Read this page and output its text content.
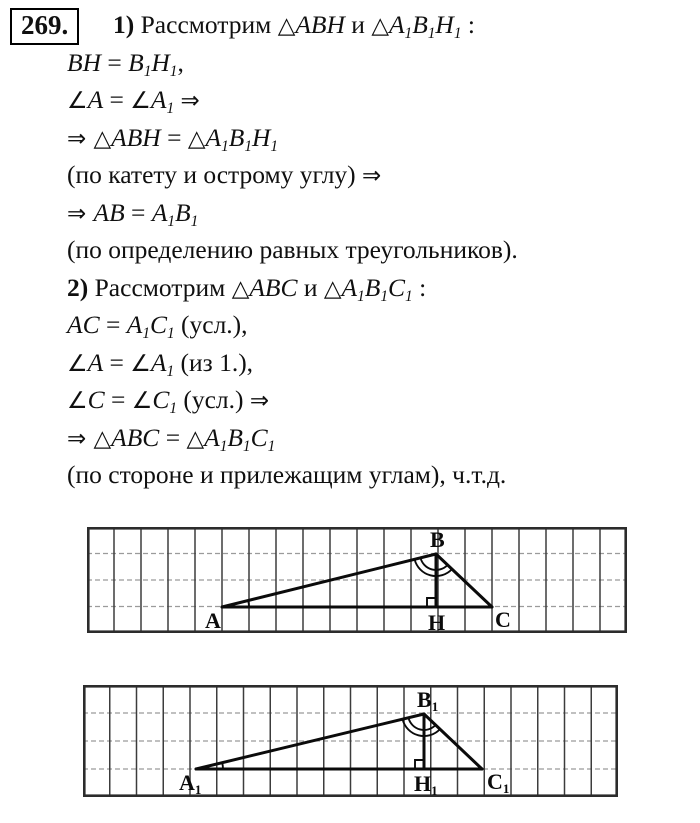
269.	1) Рассмотрим △ABH и △A1B1H1 :
BH = B1H1,
∠A = ∠A1 ⇒
⇒ △ABH = △A1B1H1
(по катету и острому углу) ⇒
⇒ AB = A1B1
(по определению равных треугольников).
2) Рассмотрим △ABC и △A1B1C1 :
AC = A1C1 (усл.),
∠A = ∠A1 (из 1.),
∠C = ∠C1 (усл.) ⇒
⇒ △ABC = △A1B1C1
(по стороне и прилежащим углам), ч.т.д.
A
B
H C
A1
B1
H1 C1
